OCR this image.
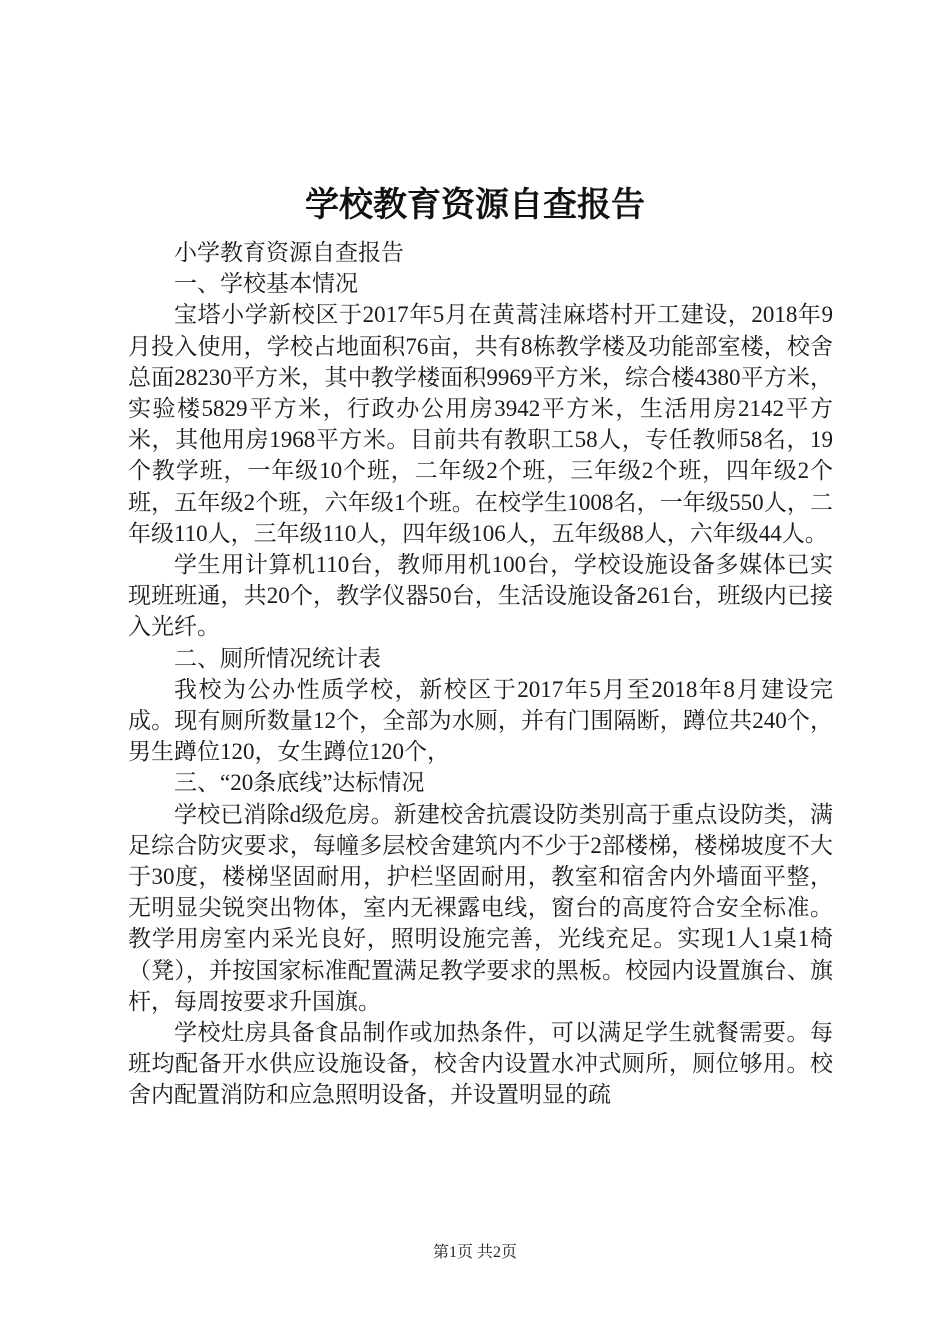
学校教育资源自查报告

小学教育资源自查报告

一、学校基本情况

宝塔小学新校区于2017年5月在黄蒿洼麻塔村开工建设，2018年9月投入使用，学校占地面积76亩，共有8栋教学楼及功能部室楼，校舍总面28230平方米，其中教学楼面积9969平方米，综合楼4380平方米，实验楼5829平方米，行政办公用房3942平方米，生活用房2142平方米，其他用房1968平方米。目前共有教职工58人，专任教师58名，19个教学班，一年级10个班，二年级2个班，三年级2个班，四年级2个班，五年级2个班，六年级1个班。在校学生1008名，一年级550人，二年级110人，三年级110人，四年级106人，五年级88人，六年级44人。

学生用计算机110台，教师用机100台，学校设施设备多媒体已实现班班通，共20个，教学仪器50台，生活设施设备261台，班级内已接入光纤。

二、厕所情况统计表

我校为公办性质学校，新校区于2017年5月至2018年8月建设完成。现有厕所数量12个，全部为水厕，并有门围隔断，蹲位共240个，男生蹲位120，女生蹲位120个，

三、“20条底线”达标情况

学校已消除d级危房。新建校舍抗震设防类别高于重点设防类，满足综合防灾要求，每幢多层校舍建筑内不少于2部楼梯，楼梯坡度不大于30度，楼梯坚固耐用，护栏坚固耐用，教室和宿舍内外墙面平整，无明显尖锐突出物体，室内无裸露电线，窗台的高度符合安全标准。教学用房室内采光良好，照明设施完善，光线充足。实现1人1桌1椅（凳），并按国家标准配置满足教学要求的黑板。校园内设置旗台、旗杆，每周按要求升国旗。

学校灶房具备食品制作或加热条件，可以满足学生就餐需要。每班均配备开水供应设施设备，校舍内设置水冲式厕所，厕位够用。校舍内配置消防和应急照明设备，并设置明显的疏

第1页 共2页
